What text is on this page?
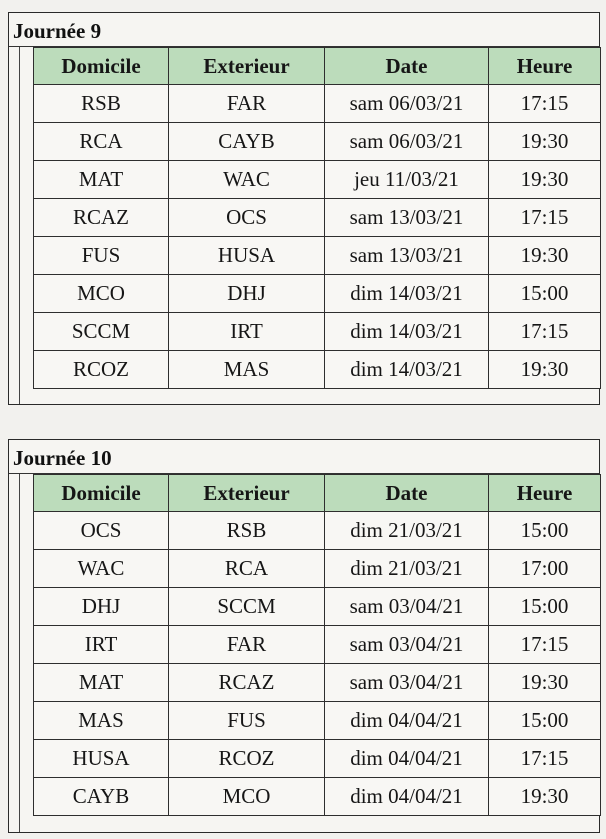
Journée 9
Domicile	Exterieur	Date	Heure
RSB	FAR	sam 06/03/21	17:15
RCA	CAYB	sam 06/03/21	19:30
MAT	WAC	jeu 11/03/21	19:30
RCAZ	OCS	sam 13/03/21	17:15
FUS	HUSA	sam 13/03/21	19:30
MCO	DHJ	dim 14/03/21	15:00
SCCM	IRT	dim 14/03/21	17:15
RCOZ	MAS	dim 14/03/21	19:30
Journée 10
Domicile	Exterieur	Date	Heure
OCS	RSB	dim 21/03/21	15:00
WAC	RCA	dim 21/03/21	17:00
DHJ	SCCM	sam 03/04/21	15:00
IRT	FAR	sam 03/04/21	17:15
MAT	RCAZ	sam 03/04/21	19:30
MAS	FUS	dim 04/04/21	15:00
HUSA	RCOZ	dim 04/04/21	17:15
CAYB	MCO	dim 04/04/21	19:30
